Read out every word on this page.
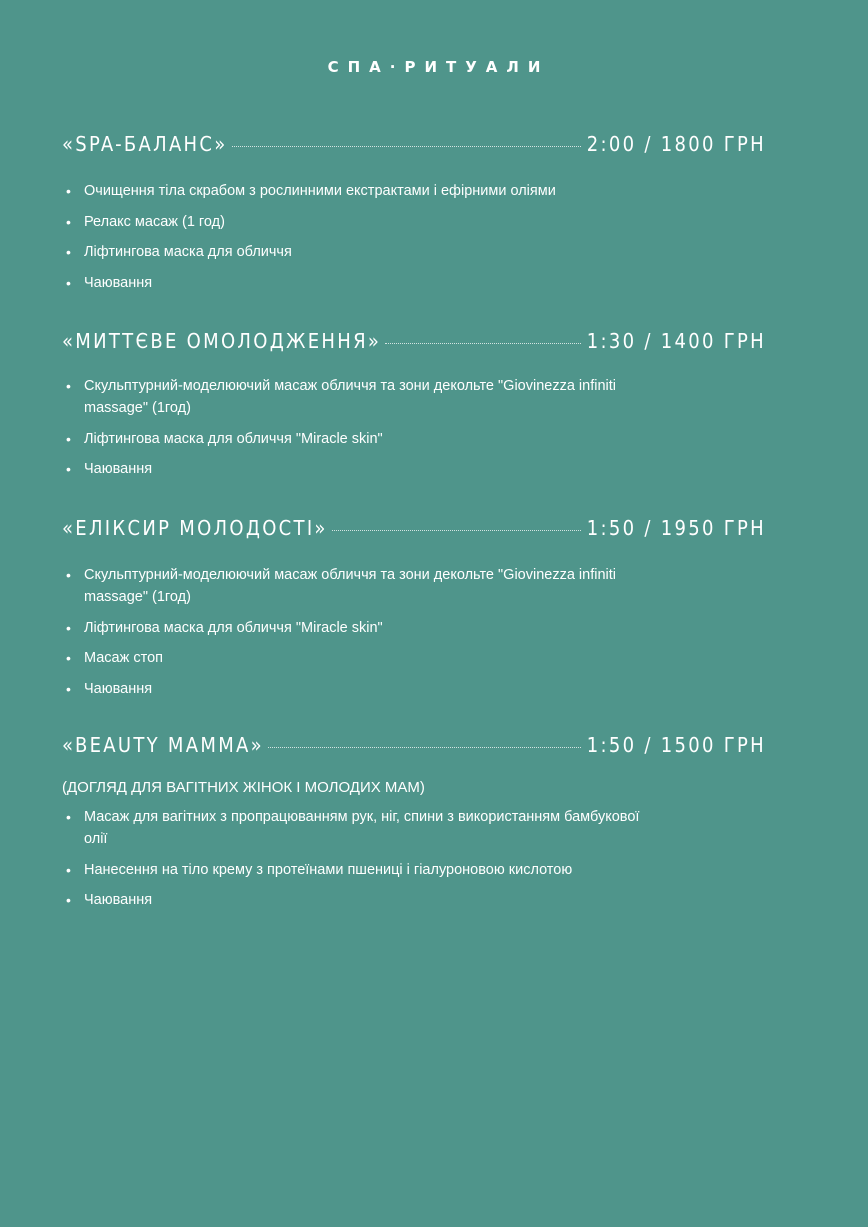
СПА·РИТУАЛИ
«SPA-БАЛАНС»	2:00 / 1800 ГРН
• Очищення тіла скрабом з рослинними екстрактами і ефірними оліями
• Релакс масаж (1 год)
• Ліфтингова маска для обличчя
• Чаювання
«МИТТЄВЕ ОМОЛОДЖЕННЯ»	1:30 / 1400 ГРН
• Скульптурний-моделюючий масаж обличчя та зони декольте "Giovinezza infiniti massage" (1год)
• Ліфтингова маска для обличчя "Miracle skin"
• Чаювання
«ЕЛІКСИР МОЛОДОСТІ»	1:50 / 1950 ГРН
• Скульптурний-моделюючий масаж обличчя та зони декольте "Giovinezza infiniti massage" (1год)
• Ліфтингова маска для обличчя "Miracle skin"
• Масаж стоп
• Чаювання
«BEAUTY MAMMA»	1:50 / 1500 ГРН
(ДОГЛЯД ДЛЯ ВАГІТНИХ ЖІНОК І МОЛОДИХ МАМ)
• Масаж для вагітних з пропрацюванням рук, ніг, спини з використанням бамбукової олії
• Нанесення на тіло крему з протеїнами пшениці і гіалуроновою кислотою
• Чаювання
